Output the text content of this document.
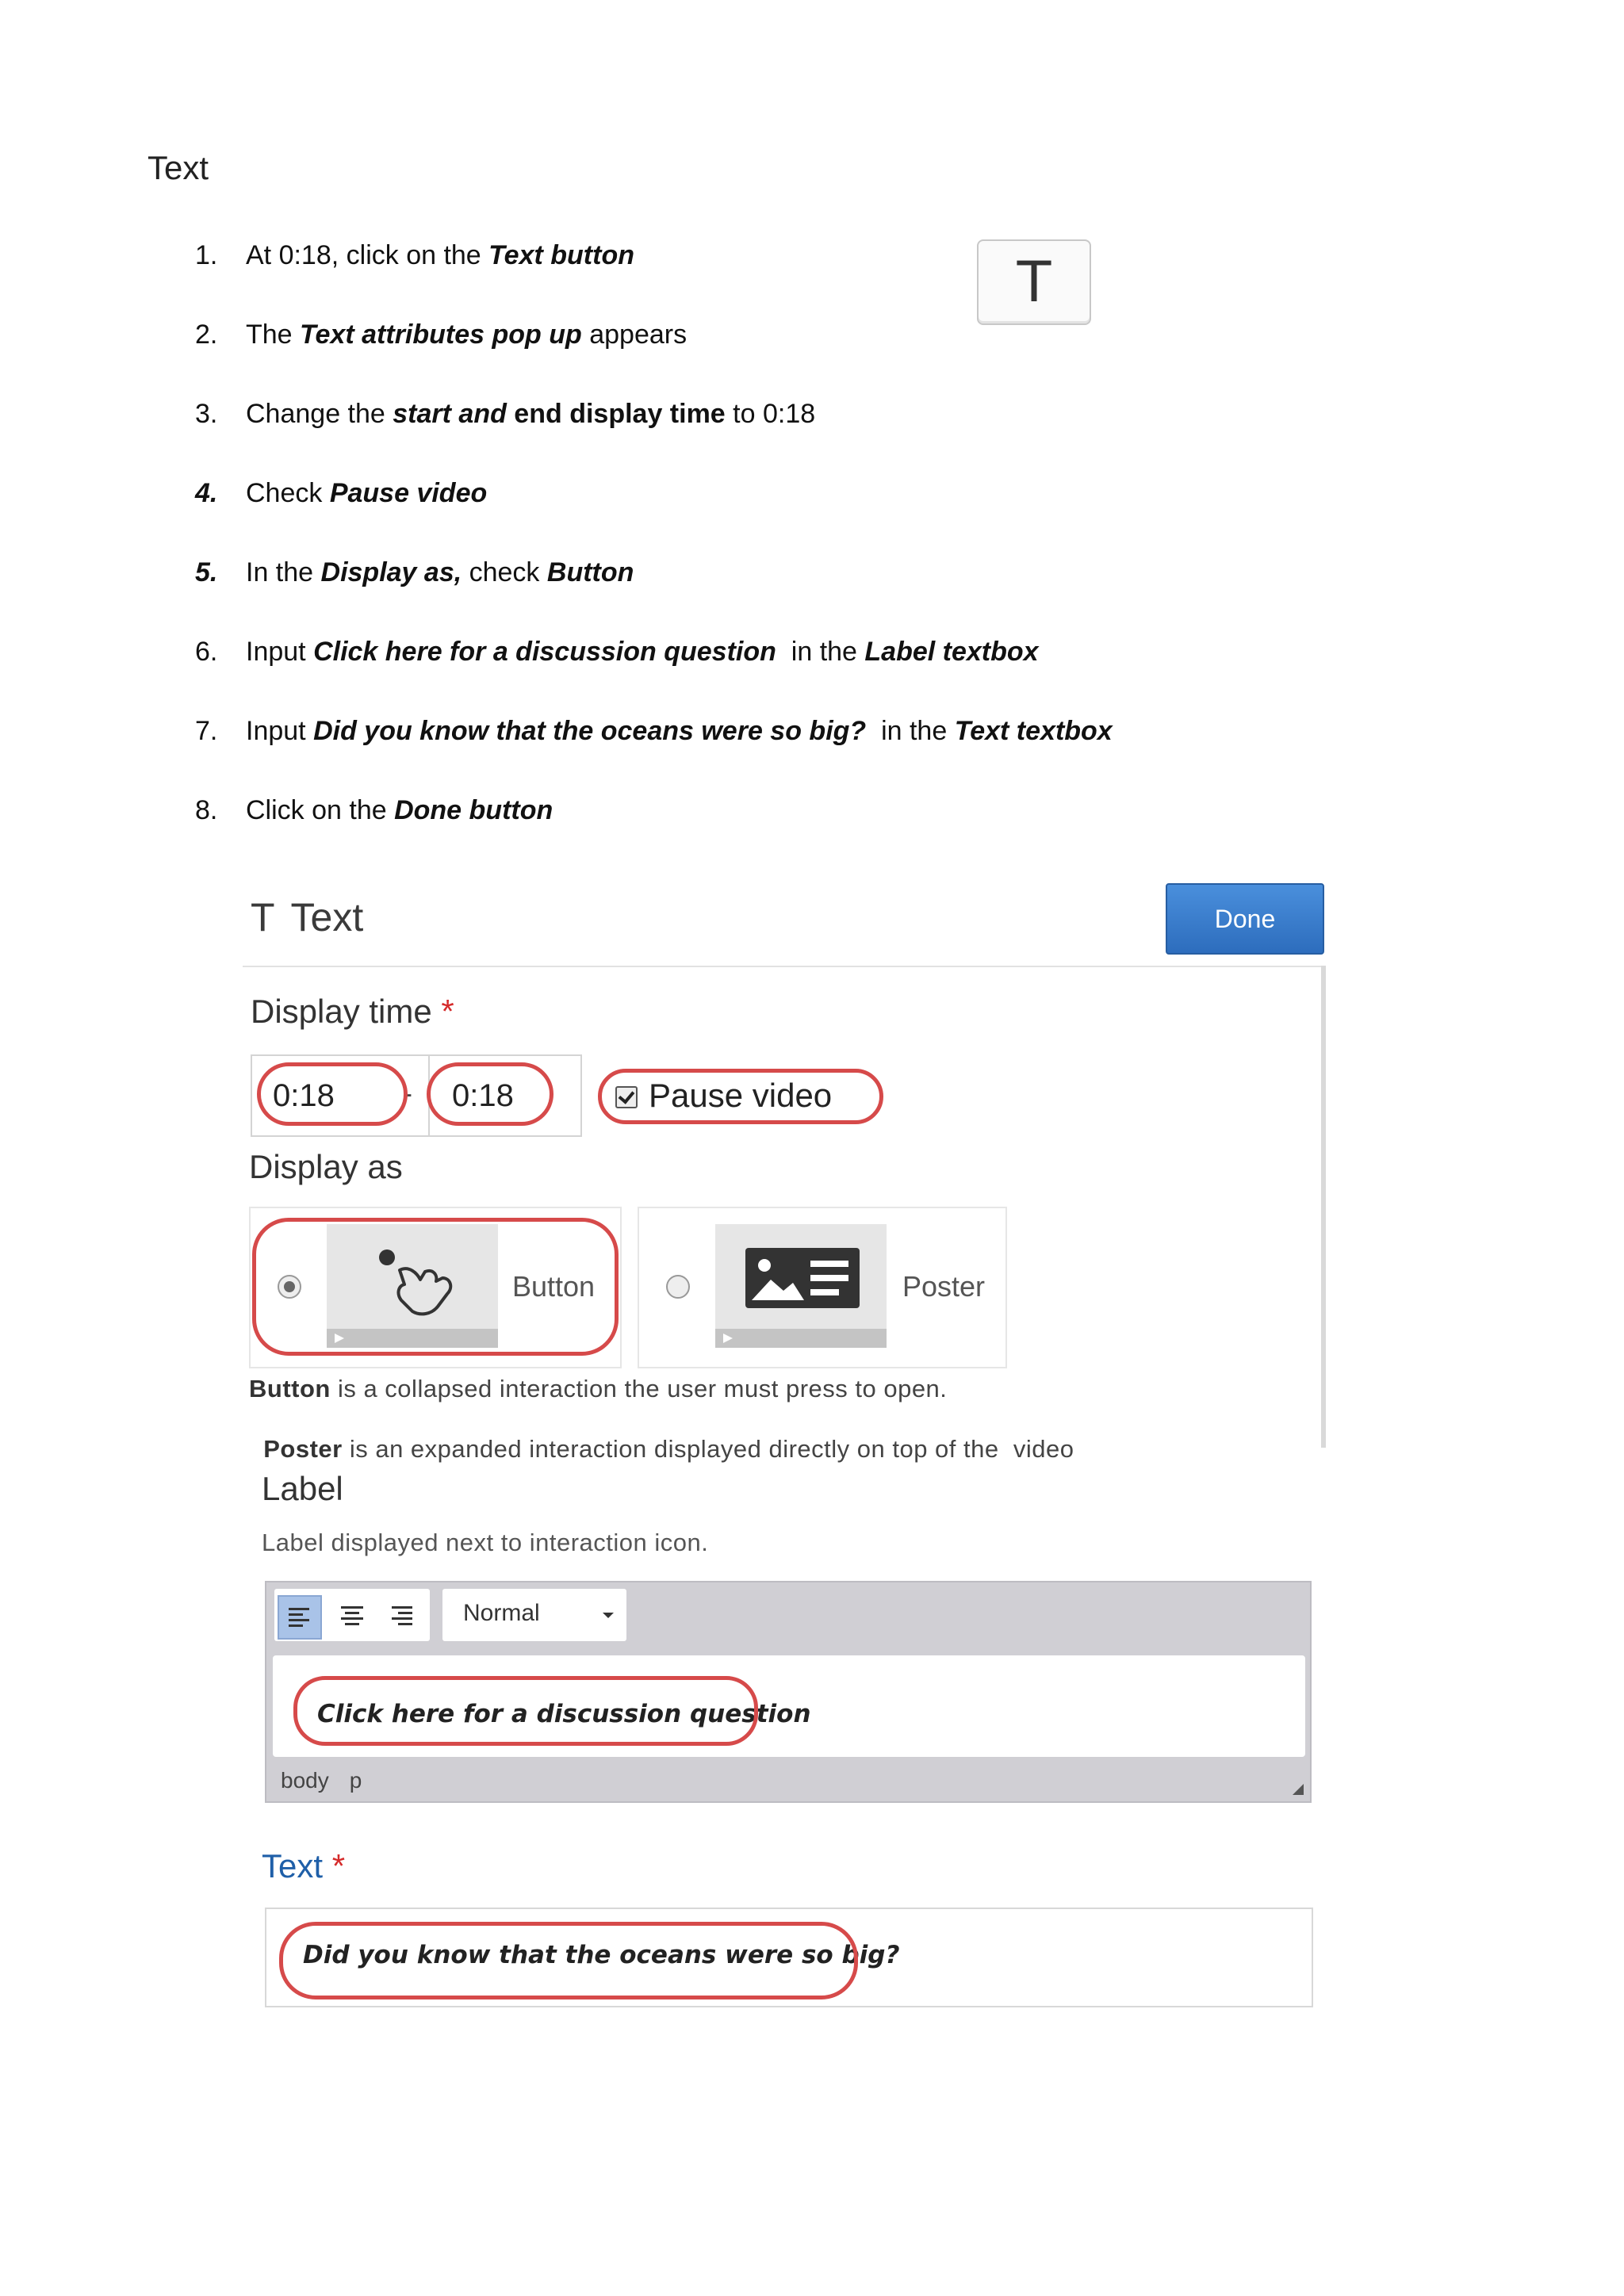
Text
1. At 0:18, click on the Text button
2. The Text attributes pop up appears
3. Change the start and end display time to 0:18
4. Check Pause video
5. In the Display as, check Button
6. Input Click here for a discussion question  in the Label textbox
7. Input Did you know that the oceans were so big?  in the Text textbox
8. Click on the Done button
T
T Text	Done
Display time *
0:18 - 0:18	Pause video
Display as
Button	Poster
Button is a collapsed interaction the user must press to open.

Poster is an expanded interaction displayed directly on top of the  video

Label
Label displayed next to interaction icon.
Normal
Click here for a discussion question
body p
Text *
Did you know that the oceans were so big?
